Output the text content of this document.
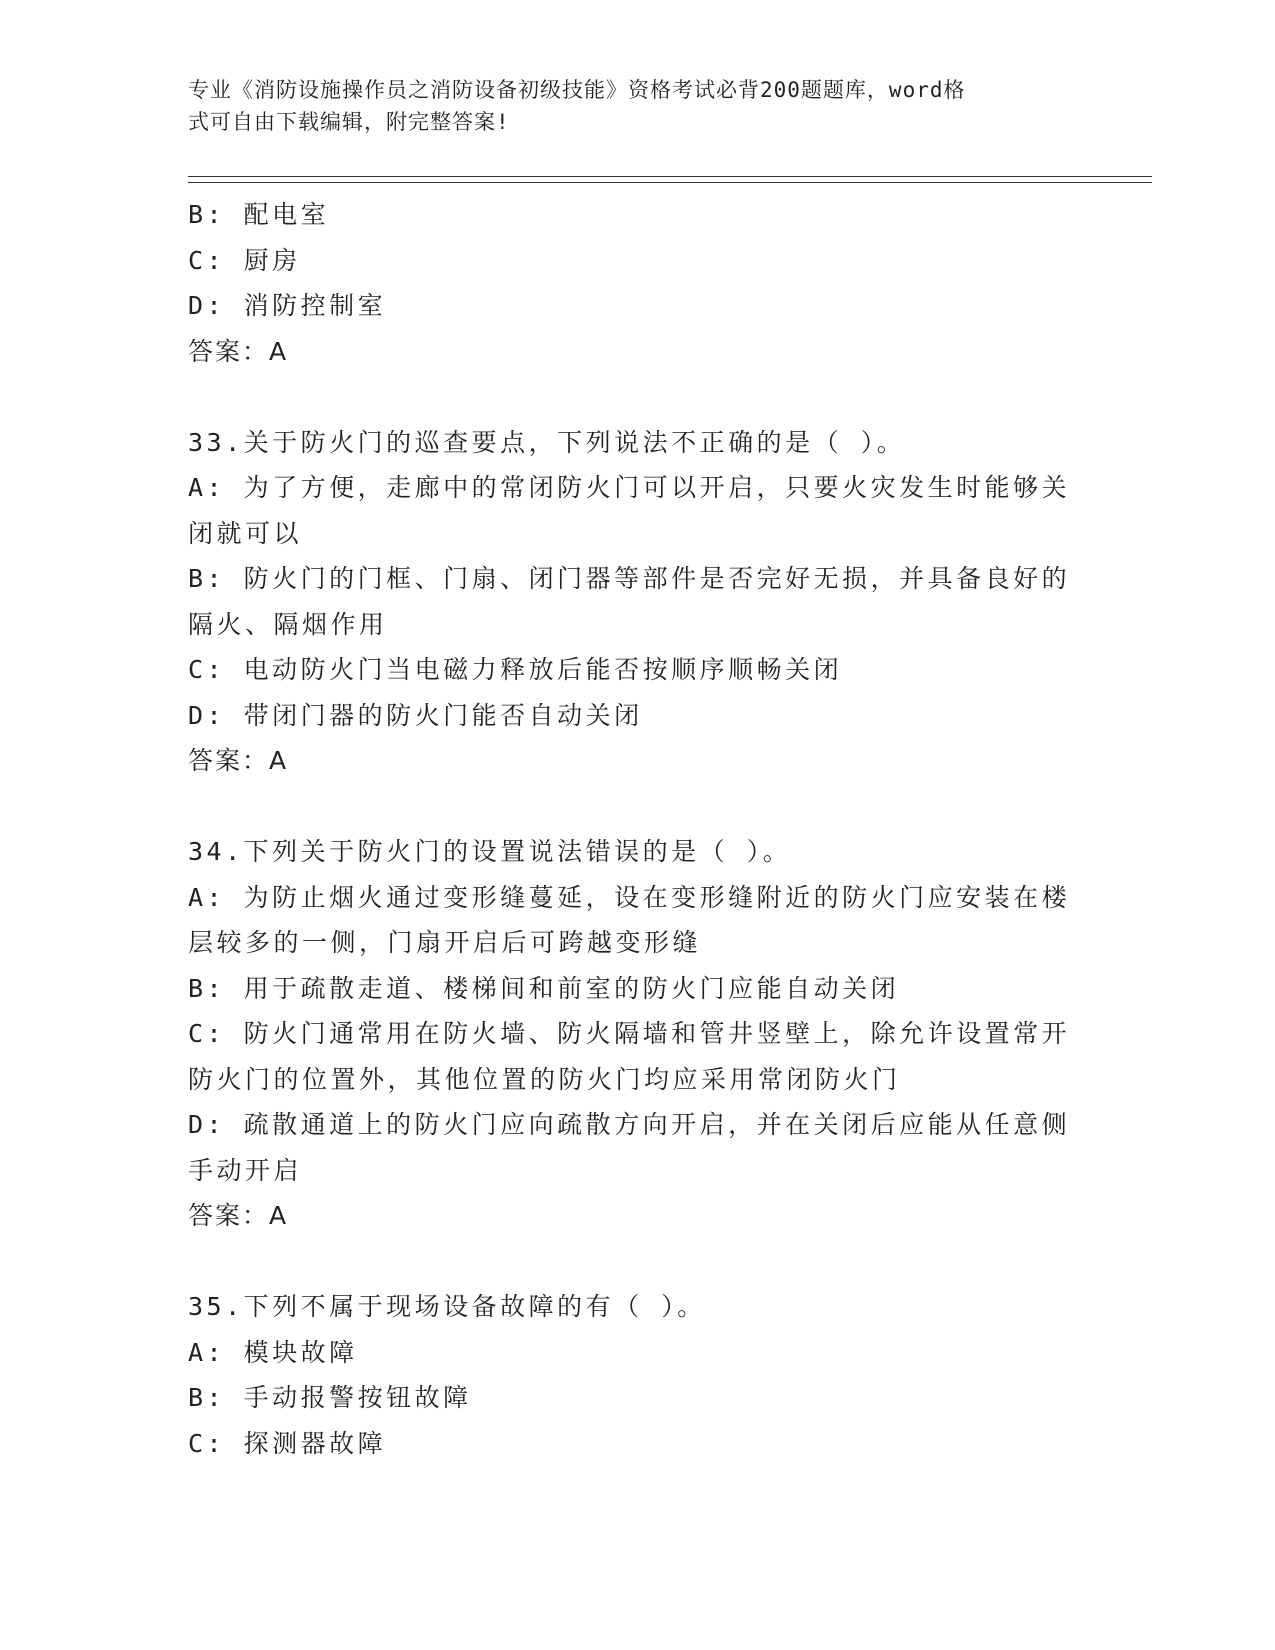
专业《消防设施操作员之消防设备初级技能》资格考试必背200题题库，word格
式可自由下载编辑，附完整答案!
B: 配电室
C: 厨房
D: 消防控制室
答案：A
33.关于防火门的巡查要点，下列说法不正确的是（ ）。
A: 为了方便，走廊中的常闭防火门可以开启，只要火灾发生时能够关
闭就可以
B: 防火门的门框、门扇、闭门器等部件是否完好无损，并具备良好的
隔火、隔烟作用
C: 电动防火门当电磁力释放后能否按顺序顺畅关闭
D: 带闭门器的防火门能否自动关闭
答案：A
34.下列关于防火门的设置说法错误的是（ ）。
A: 为防止烟火通过变形缝蔓延，设在变形缝附近的防火门应安装在楼
层较多的一侧，门扇开启后可跨越变形缝
B: 用于疏散走道、楼梯间和前室的防火门应能自动关闭
C: 防火门通常用在防火墙、防火隔墙和管井竖壁上，除允许设置常开
防火门的位置外，其他位置的防火门均应采用常闭防火门
D: 疏散通道上的防火门应向疏散方向开启，并在关闭后应能从任意侧
手动开启
答案：A
35.下列不属于现场设备故障的有（ ）。
A: 模块故障
B: 手动报警按钮故障
C: 探测器故障
